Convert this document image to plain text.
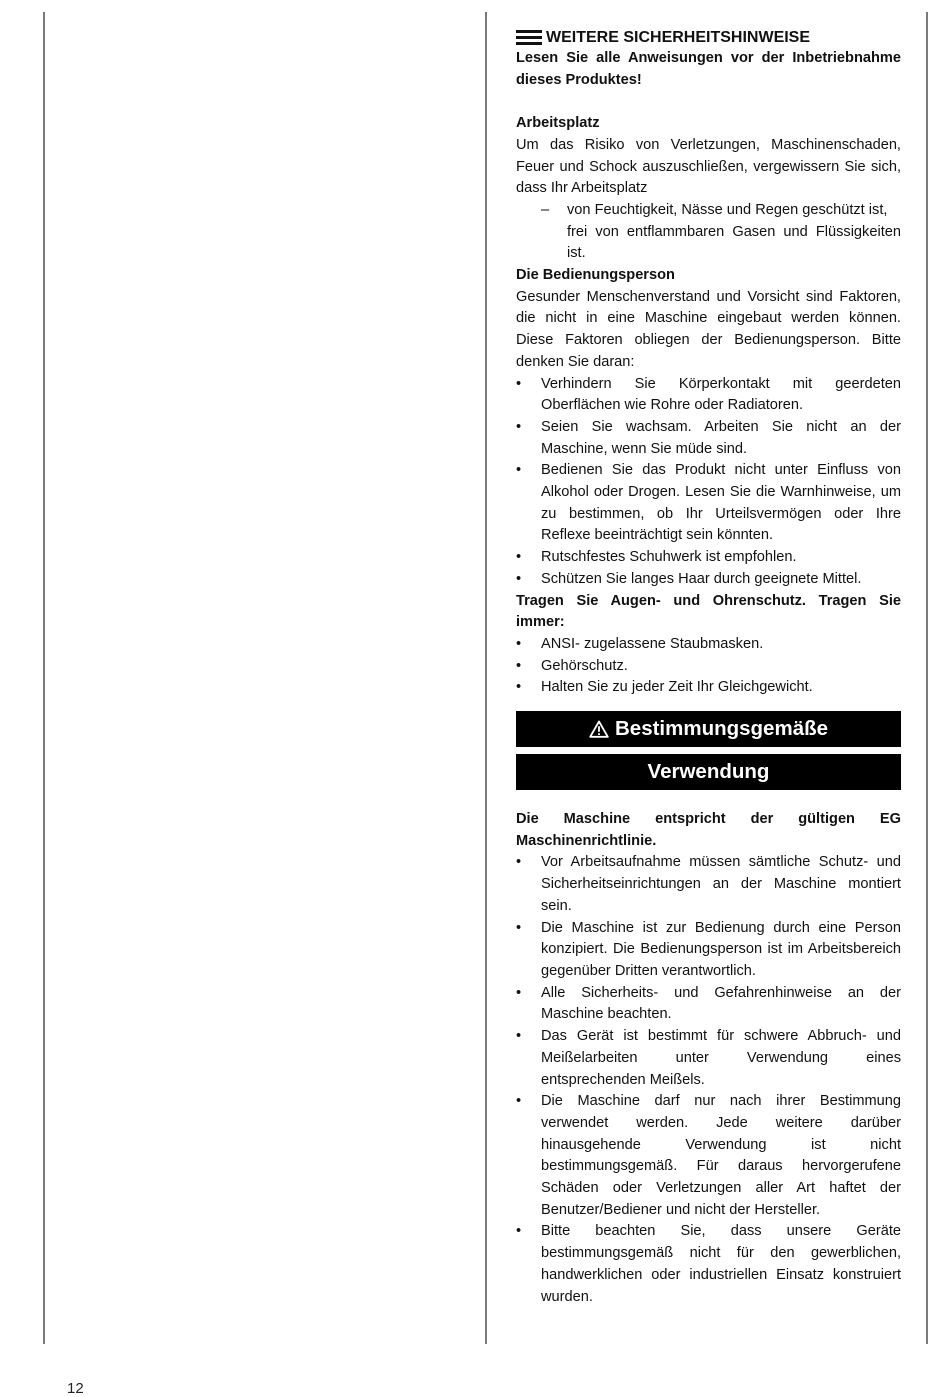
WEITERE SICHERHEITSHINWEISE

Lesen Sie alle Anweisungen vor der Inbetriebnahme dieses Produktes!

Arbeitsplatz

Um das Risiko von Verletzungen, Maschinenschaden, Feuer und Schock auszuschließen, vergewissern Sie sich, dass Ihr Arbeitsplatz

– von Feuchtigkeit, Nässe und Regen geschützt ist,
frei von entflammbaren Gasen und Flüssigkeiten ist.

Die Bedienungsperson

Gesunder Menschenverstand und Vorsicht sind Faktoren, die nicht in eine Maschine eingebaut werden können. Diese Faktoren obliegen der Bedienungsperson. Bitte denken Sie daran:

• Verhindern Sie Körperkontakt mit geerdeten Oberflächen wie Rohre oder Radiatoren.
• Seien Sie wachsam. Arbeiten Sie nicht an der Maschine, wenn Sie müde sind.
• Bedienen Sie das Produkt nicht unter Einfluss von Alkohol oder Drogen. Lesen Sie die Warnhinweise, um zu bestimmen, ob Ihr Urteilsvermögen oder Ihre Reflexe beeinträchtigt sein könnten.
• Rutschfestes Schuhwerk ist empfohlen.
• Schützen Sie langes Haar durch geeignete Mittel.

Tragen Sie Augen- und Ohrenschutz. Tragen Sie immer:

• ANSI- zugelassene Staubmasken.
• Gehörschutz.
• Halten Sie zu jeder Zeit Ihr Gleichgewicht.
Bestimmungsgemäße
Verwendung

Die Maschine entspricht der gültigen EG Maschinenrichtlinie.

• Vor Arbeitsaufnahme müssen sämtliche Schutz- und Sicherheitseinrichtungen an der Maschine montiert sein.
• Die Maschine ist zur Bedienung durch eine Person konzipiert. Die Bedienungsperson ist im Arbeitsbereich gegenüber Dritten verantwortlich.
• Alle Sicherheits- und Gefahrenhinweise an der Maschine beachten.
• Das Gerät ist bestimmt für schwere Abbruch- und Meißelarbeiten unter Verwendung eines entsprechenden Meißels.
• Die Maschine darf nur nach ihrer Bestimmung verwendet werden. Jede weitere darüber hinausgehende Verwendung ist nicht bestimmungsgemäß. Für daraus hervorgerufene Schäden oder Verletzungen aller Art haftet der Benutzer/Bediener und nicht der Hersteller.
• Bitte beachten Sie, dass unsere Geräte bestimmungsgemäß nicht für den gewerblichen, handwerklichen oder industriellen Einsatz konstruiert wurden.
12
